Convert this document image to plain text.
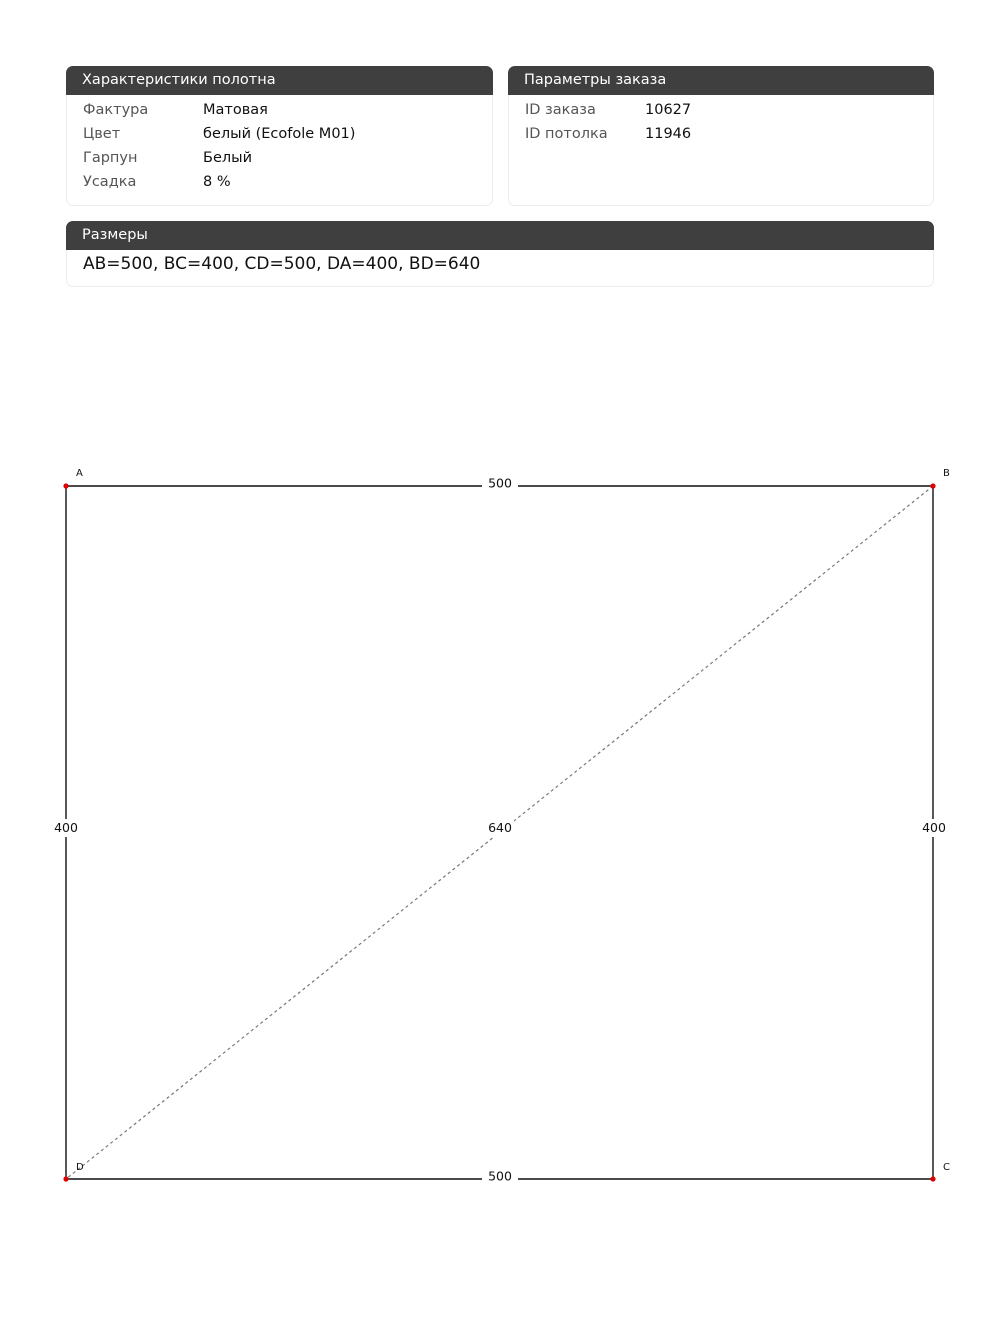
Характеристики полотна
Фактура	Матовая
Цвет	белый (Ecofole M01)
Гарпун	Белый
Усадка	8 %
Параметры заказа
ID заказа	10627
ID потолка	11946
Размеры
AB=500, BC=400, CD=500, DA=400, BD=640
500
500
400	400
640
A	B
C
D
